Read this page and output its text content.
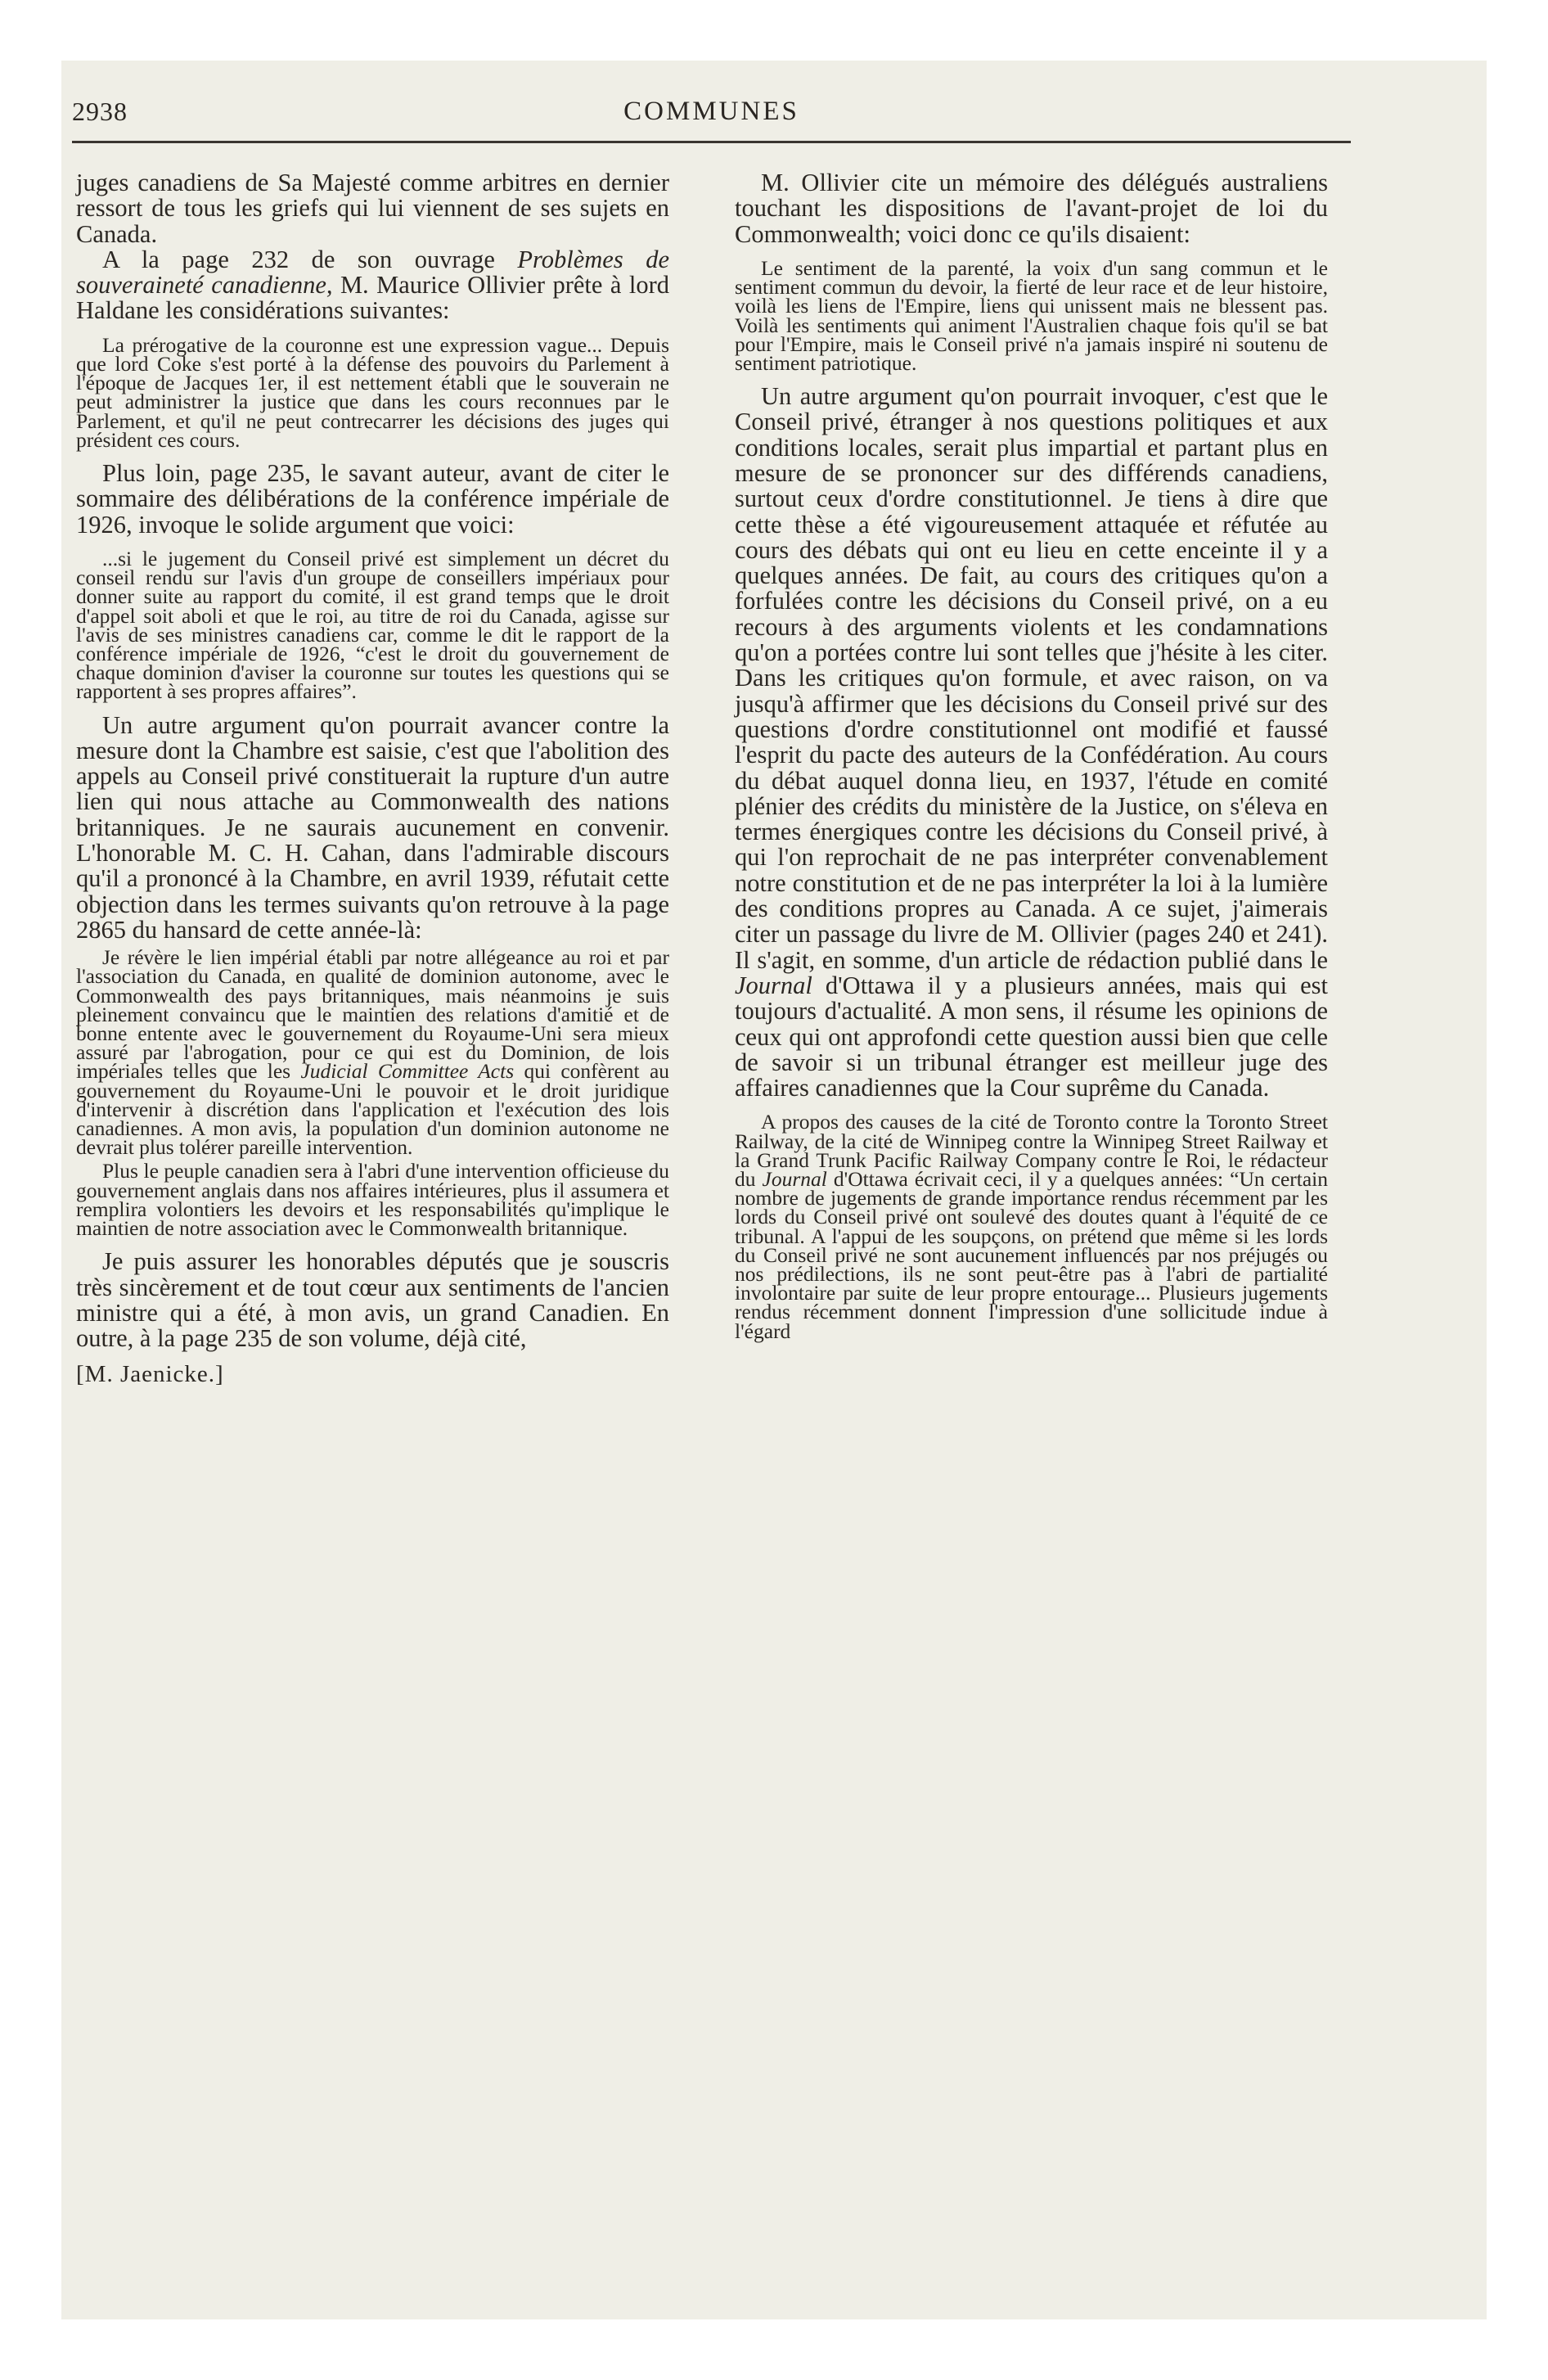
2938	COMMUNES

juges canadiens de Sa Majesté comme arbitres en dernier ressort de tous les griefs qui lui viennent de ses sujets en Canada.

A la page 232 de son ouvrage Problèmes de souveraineté canadienne, M. Maurice Ollivier prête à lord Haldane les considérations suivantes:

La prérogative de la couronne est une expression vague... Depuis que lord Coke s'est porté à la défense des pouvoirs du Parlement à l'époque de Jacques 1er, il est nettement établi que le souverain ne peut administrer la justice que dans les cours reconnues par le Parlement, et qu'il ne peut contrecarrer les décisions des juges qui président ces cours.

Plus loin, page 235, le savant auteur, avant de citer le sommaire des délibérations de la conférence impériale de 1926, invoque le solide argument que voici:

...si le jugement du Conseil privé est simplement un décret du conseil rendu sur l'avis d'un groupe de conseillers impériaux pour donner suite au rapport du comité, il est grand temps que le droit d'appel soit aboli et que le roi, au titre de roi du Canada, agisse sur l'avis de ses ministres canadiens car, comme le dit le rapport de la conférence impériale de 1926, “c'est le droit du gouvernement de chaque dominion d'aviser la couronne sur toutes les questions qui se rapportent à ses propres affaires”.

Un autre argument qu'on pourrait avancer contre la mesure dont la Chambre est saisie, c'est que l'abolition des appels au Conseil privé constituerait la rupture d'un autre lien qui nous attache au Commonwealth des nations britanniques. Je ne saurais aucunement en convenir. L'honorable M. C. H. Cahan, dans l'admirable discours qu'il a prononcé à la Chambre, en avril 1939, réfutait cette objection dans les termes suivants qu'on retrouve à la page 2865 du hansard de cette année-là:

Je révère le lien impérial établi par notre allégeance au roi et par l'association du Canada, en qualité de dominion autonome, avec le Commonwealth des pays britanniques, mais néanmoins je suis pleinement convaincu que le maintien des relations d'amitié et de bonne entente avec le gouvernement du Royaume-Uni sera mieux assuré par l'abrogation, pour ce qui est du Dominion, de lois impériales telles que les Judicial Committee Acts qui confèrent au gouvernement du Royaume-Uni le pouvoir et le droit juridique d'intervenir à discrétion dans l'application et l'exécution des lois canadiennes. A mon avis, la population d'un dominion autonome ne devrait plus tolérer pareille intervention.

Plus le peuple canadien sera à l'abri d'une intervention officieuse du gouvernement anglais dans nos affaires intérieures, plus il assumera et remplira volontiers les devoirs et les responsabilités qu'implique le maintien de notre association avec le Commonwealth britannique.

Je puis assurer les honorables députés que je souscris très sincèrement et de tout cœur aux sentiments de l'ancien ministre qui a été, à mon avis, un grand Canadien. En outre, à la page 235 de son volume, déjà cité,

[M. Jaenicke.]

M. Ollivier cite un mémoire des délégués australiens touchant les dispositions de l'avant-projet de loi du Commonwealth; voici donc ce qu'ils disaient:

Le sentiment de la parenté, la voix d'un sang commun et le sentiment commun du devoir, la fierté de leur race et de leur histoire, voilà les liens de l'Empire, liens qui unissent mais ne blessent pas. Voilà les sentiments qui animent l'Australien chaque fois qu'il se bat pour l'Empire, mais le Conseil privé n'a jamais inspiré ni soutenu de sentiment patriotique.

Un autre argument qu'on pourrait invoquer, c'est que le Conseil privé, étranger à nos questions politiques et aux conditions locales, serait plus impartial et partant plus en mesure de se prononcer sur des différends canadiens, surtout ceux d'ordre constitutionnel. Je tiens à dire que cette thèse a été vigoureusement attaquée et réfutée au cours des débats qui ont eu lieu en cette enceinte il y a quelques années. De fait, au cours des critiques qu'on a forfulées contre les décisions du Conseil privé, on a eu recours à des arguments violents et les condamnations qu'on a portées contre lui sont telles que j'hésite à les citer. Dans les critiques qu'on formule, et avec raison, on va jusqu'à affirmer que les décisions du Conseil privé sur des questions d'ordre constitutionnel ont modifié et faussé l'esprit du pacte des auteurs de la Confédération. Au cours du débat auquel donna lieu, en 1937, l'étude en comité plénier des crédits du ministère de la Justice, on s'éleva en termes énergiques contre les décisions du Conseil privé, à qui l'on reprochait de ne pas interpréter convenablement notre constitution et de ne pas interpréter la loi à la lumière des conditions propres au Canada. A ce sujet, j'aimerais citer un passage du livre de M. Ollivier (pages 240 et 241). Il s'agit, en somme, d'un article de rédaction publié dans le Journal d'Ottawa il y a plusieurs années, mais qui est toujours d'actualité. A mon sens, il résume les opinions de ceux qui ont approfondi cette question aussi bien que celle de savoir si un tribunal étranger est meilleur juge des affaires canadiennes que la Cour suprême du Canada.

A propos des causes de la cité de Toronto contre la Toronto Street Railway, de la cité de Winnipeg contre la Winnipeg Street Railway et la Grand Trunk Pacific Railway Company contre le Roi, le rédacteur du Journal d'Ottawa écrivait ceci, il y a quelques années: “Un certain nombre de jugements de grande importance rendus récemment par les lords du Conseil privé ont soulevé des doutes quant à l'équité de ce tribunal. A l'appui de les soupçons, on prétend que même si les lords du Conseil privé ne sont aucunement influencés par nos préjugés ou nos prédilections, ils ne sont peut-être pas à l'abri de partialité involontaire par suite de leur propre entourage... Plusieurs jugements rendus récemment donnent l'impression d'une sollicitude indue à l'égard
